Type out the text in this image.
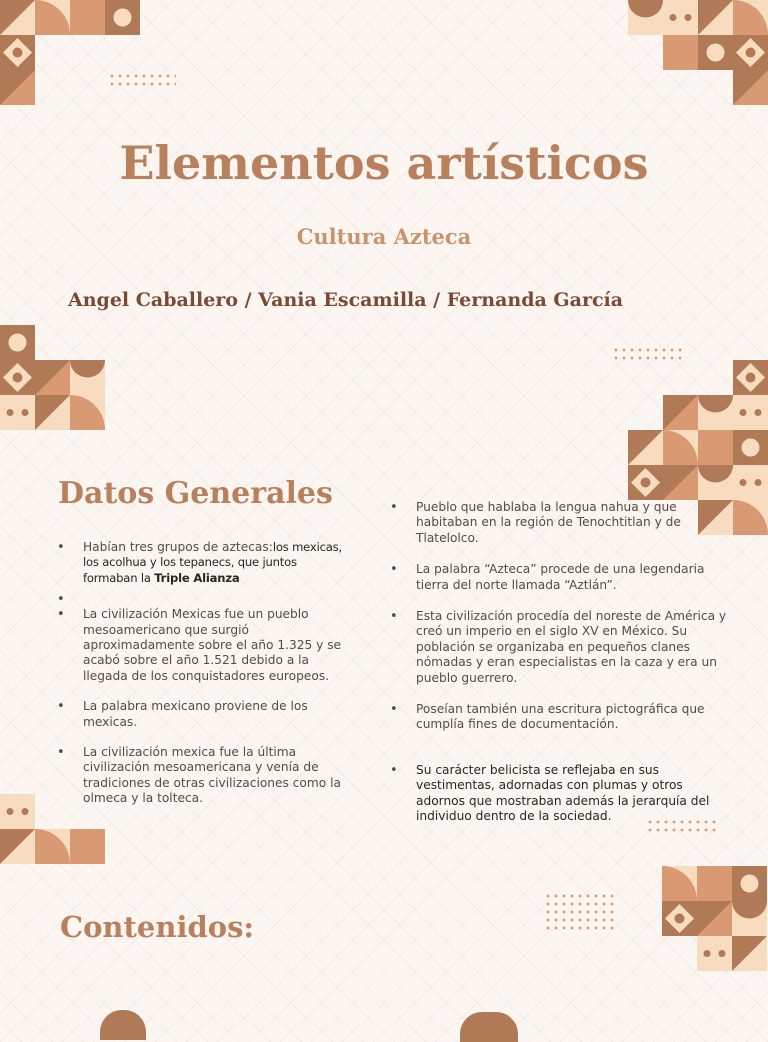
Elementos artísticos
Cultura Azteca

Angel Caballero / Vania Escamilla / Fernanda García

Datos Generales
• Habían tres grupos de aztecas:los mexicas, los acolhua y los tepanecs, que juntos formaban la Triple Alianza
•
• La civilización Mexicas fue un pueblo mesoamericano que surgió aproximadamente sobre el año 1.325 y se acabó sobre el año 1.521 debido a la llegada de los conquistadores europeos.
• La palabra mexicano proviene de los mexicas.
• La civilización mexica fue la última civilización mesoamericana y venía de tradiciones de otras civilizaciones como la olmeca y la tolteca.
• Pueblo que hablaba la lengua nahua y que habitaban en la región de Tenochtitlan y de Tlatelolco.
• La palabra “Azteca” procede de una legendaria tierra del norte llamada “Aztlán”.
• Esta civilización procedía del noreste de América y creó un imperio en el siglo XV en México. Su población se organizaba en pequeños clanes nómadas y eran especialistas en la caza y era un pueblo guerrero.
• Poseían también una escritura pictográfica que cumplía fines de documentación.
• Su carácter belicista se reflejaba en sus vestimentas, adornadas con plumas y otros adornos que mostraban además la jerarquía del individuo dentro de la sociedad.
Contenidos:
